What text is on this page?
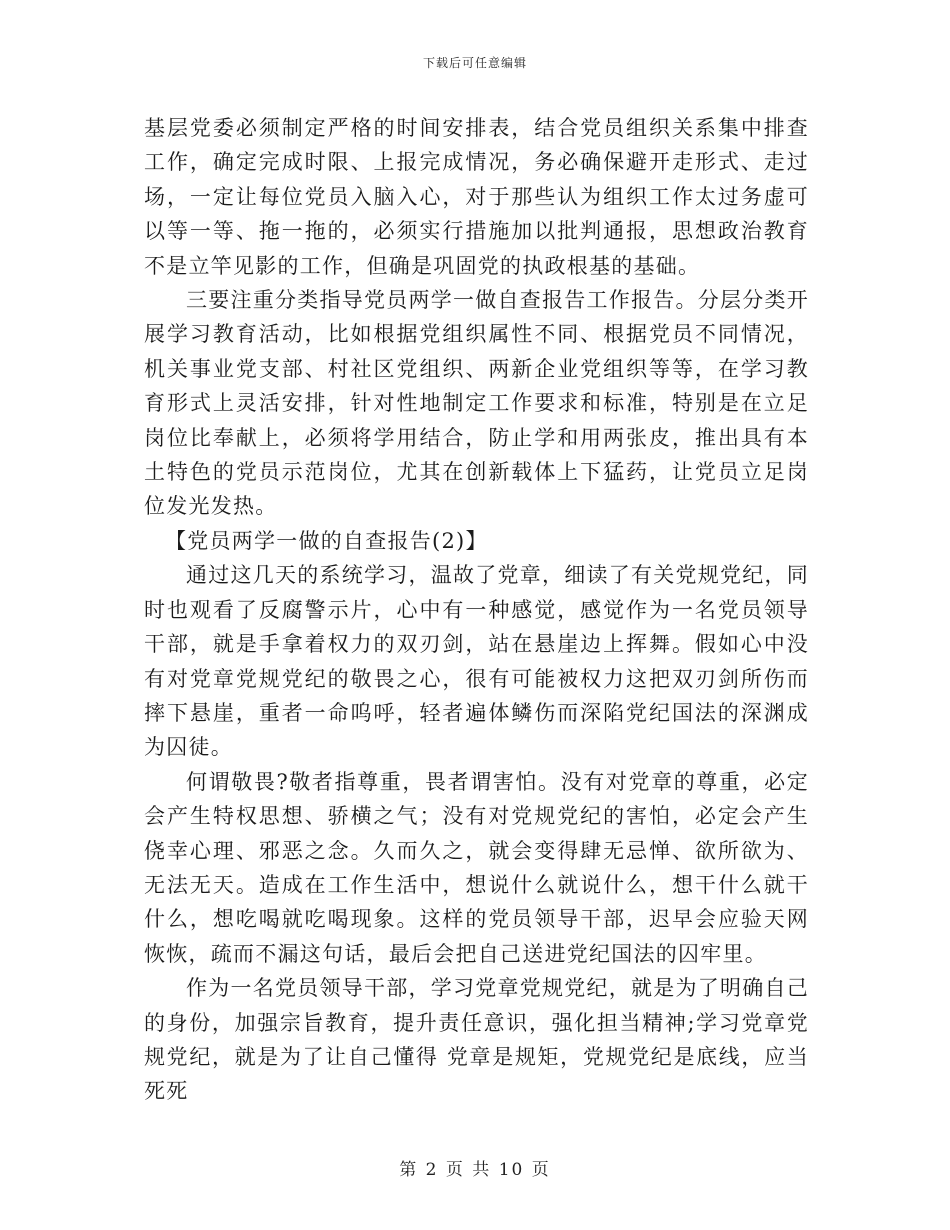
下载后可任意编辑

基层党委必须制定严格的时间安排表，结合党员组织关系集中排查工作，确定完成时限、上报完成情况，务必确保避开走形式、走过场，一定让每位党员入脑入心，对于那些认为组织工作太过务虚可以等一等、拖一拖的，必须实行措施加以批判通报，思想政治教育不是立竿见影的工作，但确是巩固党的执政根基的基础。

三要注重分类指导党员两学一做自查报告工作报告。分层分类开展学习教育活动，比如根据党组织属性不同、根据党员不同情况，机关事业党支部、村社区党组织、两新企业党组织等等，在学习教育形式上灵活安排，针对性地制定工作要求和标准，特别是在立足岗位比奉献上，必须将学用结合，防止学和用两张皮，推出具有本土特色的党员示范岗位，尤其在创新载体上下猛药，让党员立足岗位发光发热。

【党员两学一做的自查报告(2)】

通过这几天的系统学习，温故了党章，细读了有关党规党纪，同时也观看了反腐警示片，心中有一种感觉，感觉作为一名党员领导干部，就是手拿着权力的双刃剑，站在悬崖边上挥舞。假如心中没有对党章党规党纪的敬畏之心，很有可能被权力这把双刃剑所伤而摔下悬崖，重者一命呜呼，轻者遍体鳞伤而深陷党纪国法的深渊成为囚徒。

何谓敬畏?敬者指尊重，畏者谓害怕。没有对党章的尊重，必定会产生特权思想、骄横之气；没有对党规党纪的害怕，必定会产生侥幸心理、邪恶之念。久而久之，就会变得肆无忌惮、欲所欲为、无法无天。造成在工作生活中，想说什么就说什么，想干什么就干什么，想吃喝就吃喝现象。这样的党员领导干部，迟早会应验天网恢恢，疏而不漏这句话，最后会把自己送进党纪国法的囚牢里。

作为一名党员领导干部，学习党章党规党纪，就是为了明确自己的身份，加强宗旨教育，提升责任意识，强化担当精神;学习党章党规党纪，就是为了让自己懂得 党章是规矩，党规党纪是底线，应当死死

第 2 页 共 10 页
